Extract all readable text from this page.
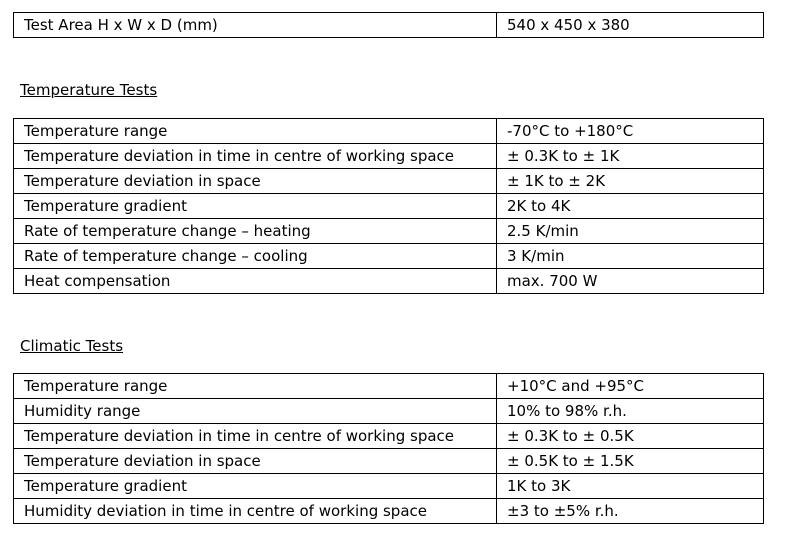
Test Area H x W x D (mm)	540 x 450 x 380
Temperature Tests
Temperature range	-70°C to +180°C
Temperature deviation in time in centre of working space	± 0.3K to ± 1K
Temperature deviation in space	± 1K to ± 2K
Temperature gradient	2K to 4K
Rate of temperature change – heating	2.5 K/min
Rate of temperature change – cooling	3 K/min
Heat compensation	max. 700 W
Climatic Tests
Temperature range	+10°C and +95°C
Humidity range	10% to 98% r.h.
Temperature deviation in time in centre of working space	± 0.3K to ± 0.5K
Temperature deviation in space	± 0.5K to ± 1.5K
Temperature gradient	1K to 3K
Humidity deviation in time in centre of working space	±3 to ±5% r.h.
